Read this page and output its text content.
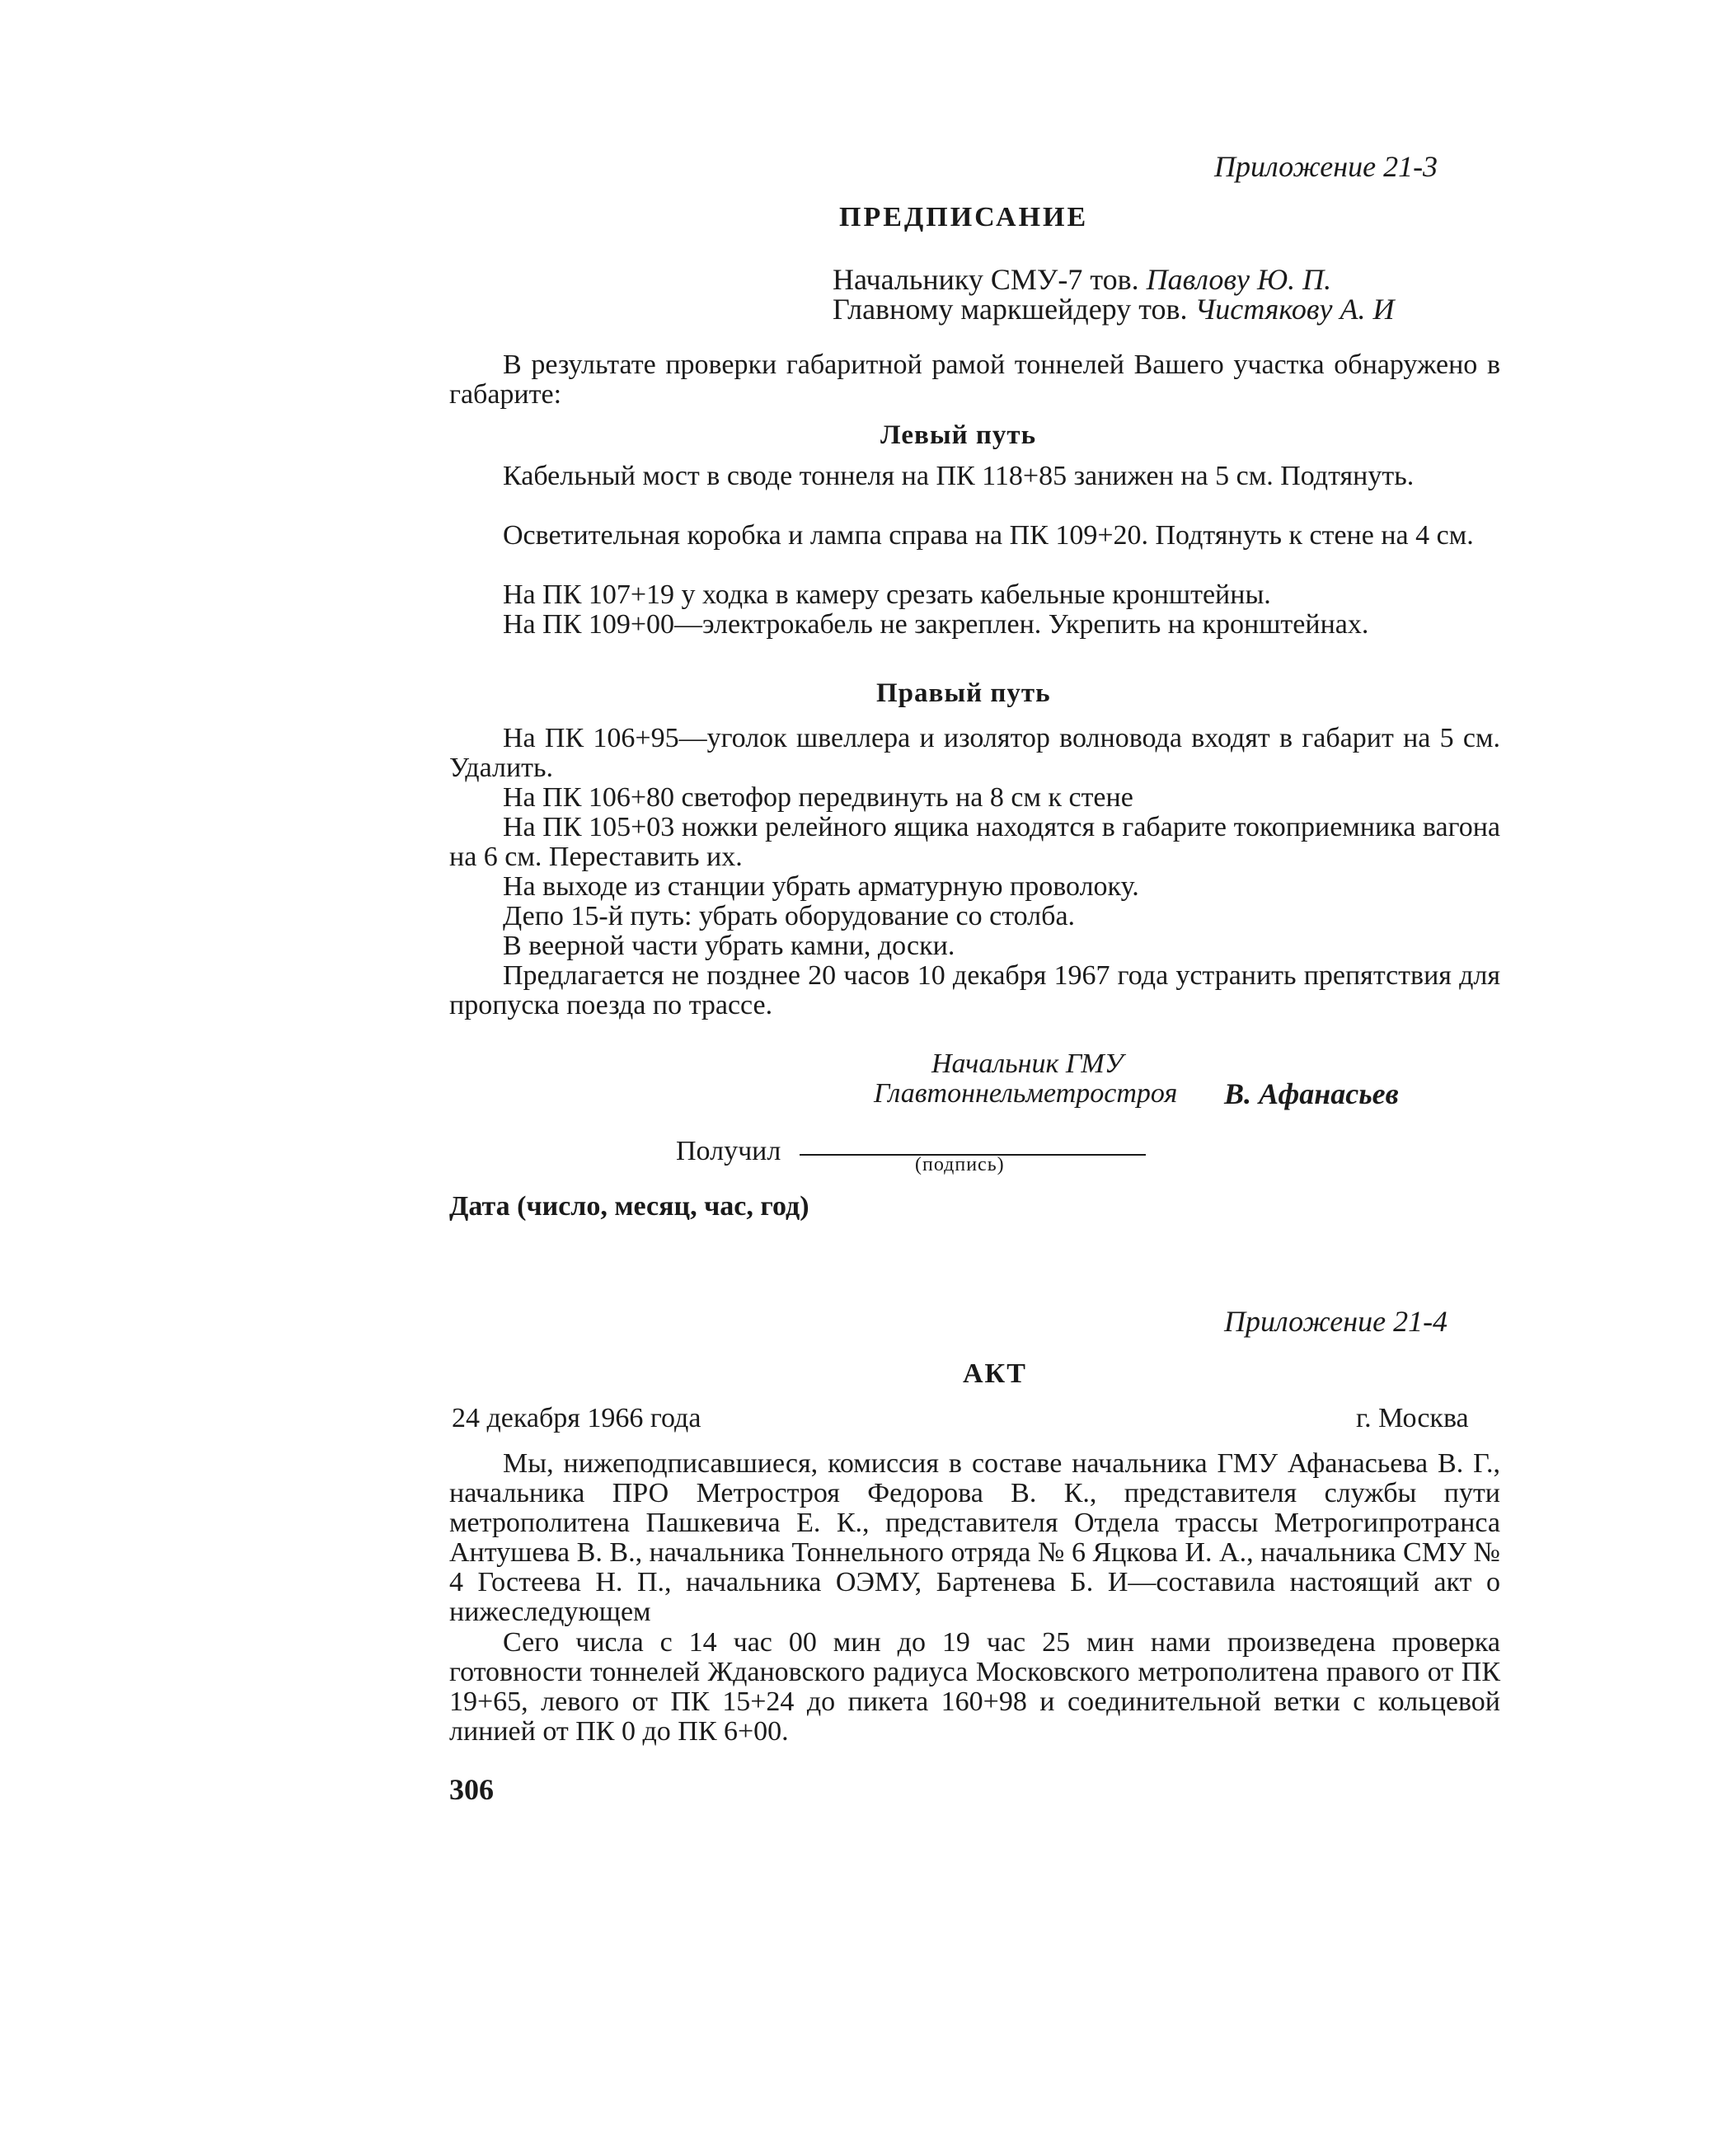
Приложение 21-3
ПРЕДПИСАНИЕ
Начальнику СМУ-7 тов. Павлову Ю. П.
Главному маркшейдеру тов. Чистякову А. И

В результате проверки габаритной рамой тоннелей Вашего участка обнаружено в габарите:

Левый путь

Кабельный мост в своде тоннеля на ПК 118+85 занижен на 5 см. Подтянуть.

Осветительная коробка и лампа справа на ПК 109+20. Подтянуть к стене на 4 см.

На ПК 107+19 у ходка в камеру срезать кабельные кронштейны.

На ПК 109+00—электрокабель не закреплен. Укрепить на кронштейнах.

Правый путь

На ПК 106+95—уголок швеллера и изолятор волновода входят в габарит на 5 см. Удалить.

На ПК 106+80 светофор передвинуть на 8 см к стене

На ПК 105+03 ножки релейного ящика находятся в габарите токоприемника вагона на 6 см. Переставить их.

На выходе из станции убрать арматурную проволоку.

Депо 15-й путь: убрать оборудование со столба.

В веерной части убрать камни, доски.

Предлагается не позднее 20 часов 10 декабря 1967 года устранить препятствия для пропуска поезда по трассе.

Начальник ГМУ
Главтоннельметростроя В. Афанасьев
Получил	(подпись)
Дата (число, месяц, час, год)
Приложение 21-4
АКТ
24 декабря 1966 года	г. Москва

Мы, нижеподписавшиеся, комиссия в составе начальника ГМУ Афанасьева В. Г., начальника ПРО Метростроя Федорова В. К., представителя службы пути метрополитена Пашкевича Е. К., представителя Отдела трассы Метрогипротранса Антушева В. В., начальника Тоннельного отряда № 6 Яцкова И. А., начальника СМУ № 4 Гостеева Н. П., начальника ОЭМУ, Бартенева Б. И—составила настоящий акт о нижеследующем

Сего числа с 14 час 00 мин до 19 час 25 мин нами произведена проверка готовности тоннелей Ждановского радиуса Московского метрополитена правого от ПК 19+65, левого от ПК 15+24 до пикета 160+98 и соединительной ветки с кольцевой линией от ПК 0 до ПК 6+00.

306
